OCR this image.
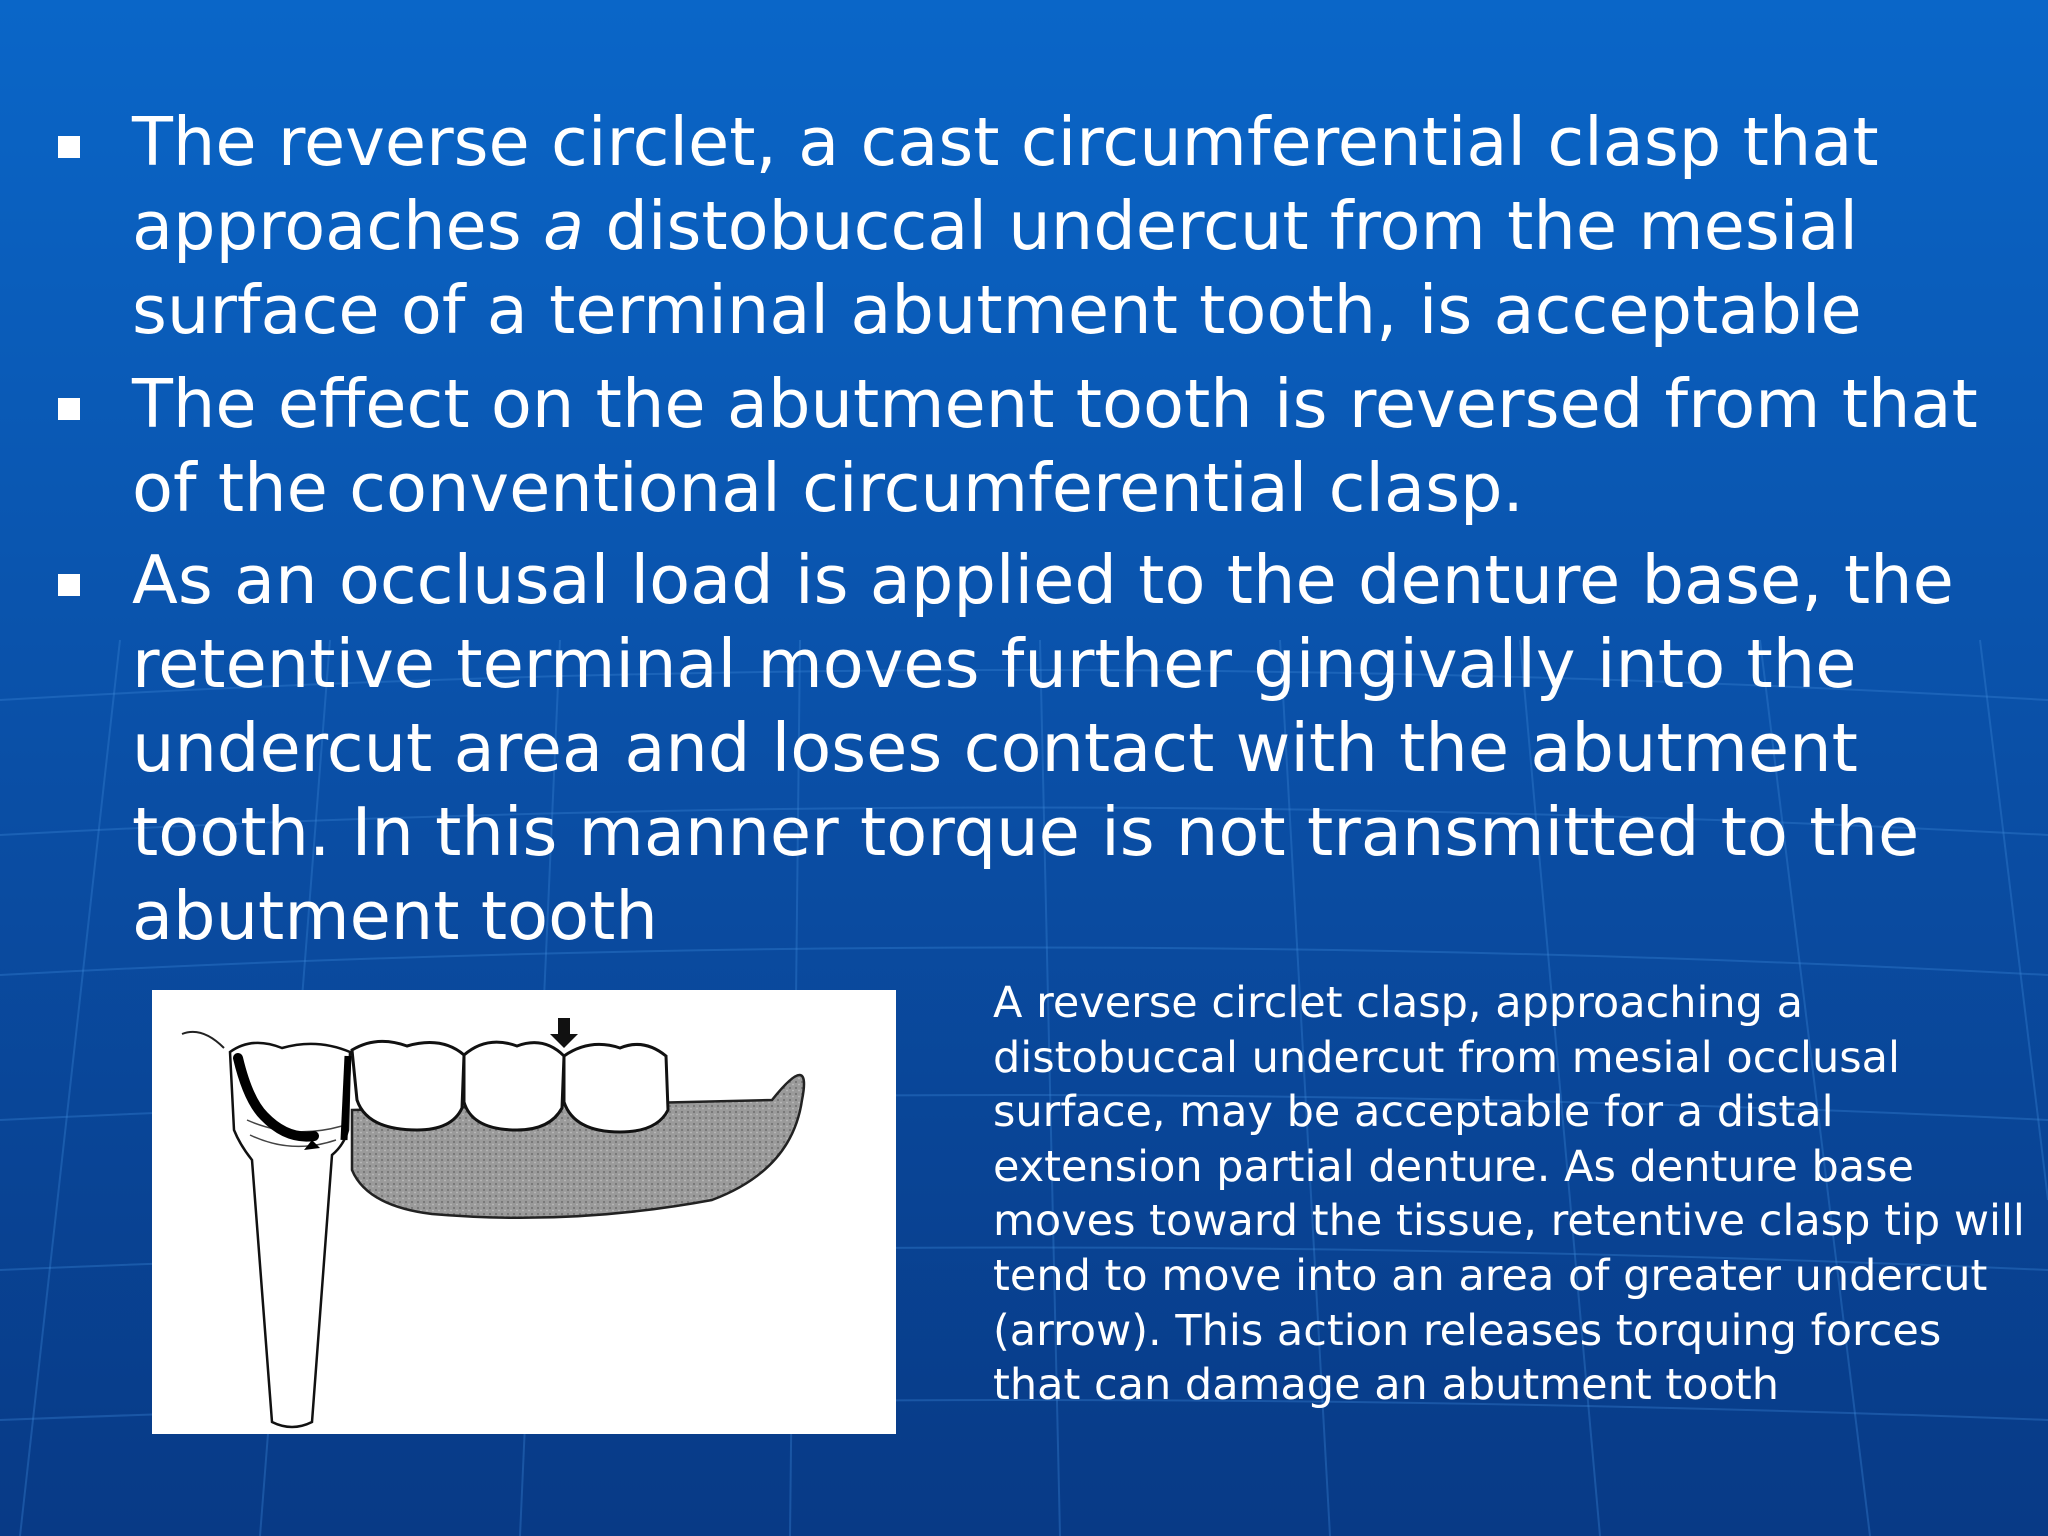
The reverse circlet, a cast circumferential clasp that approaches a distobuccal undercut from the mesial surface of a terminal abutment tooth, is acceptable
The effect on the abutment tooth is reversed from that of the conventional circumferential clasp.
As an occlusal load is applied to the denture base, the retentive terminal moves further gingivally into the undercut area and loses contact with the abutment tooth. In this manner torque is not transmitted to the abutment tooth
A reverse circlet clasp, approaching a distobuccal undercut from mesial occlusal surface, may be acceptable for a distal extension partial denture. As denture base moves toward the tissue, retentive clasp tip will tend to move into an area of greater undercut (arrow). This action releases torquing forces that can damage an abutment tooth
